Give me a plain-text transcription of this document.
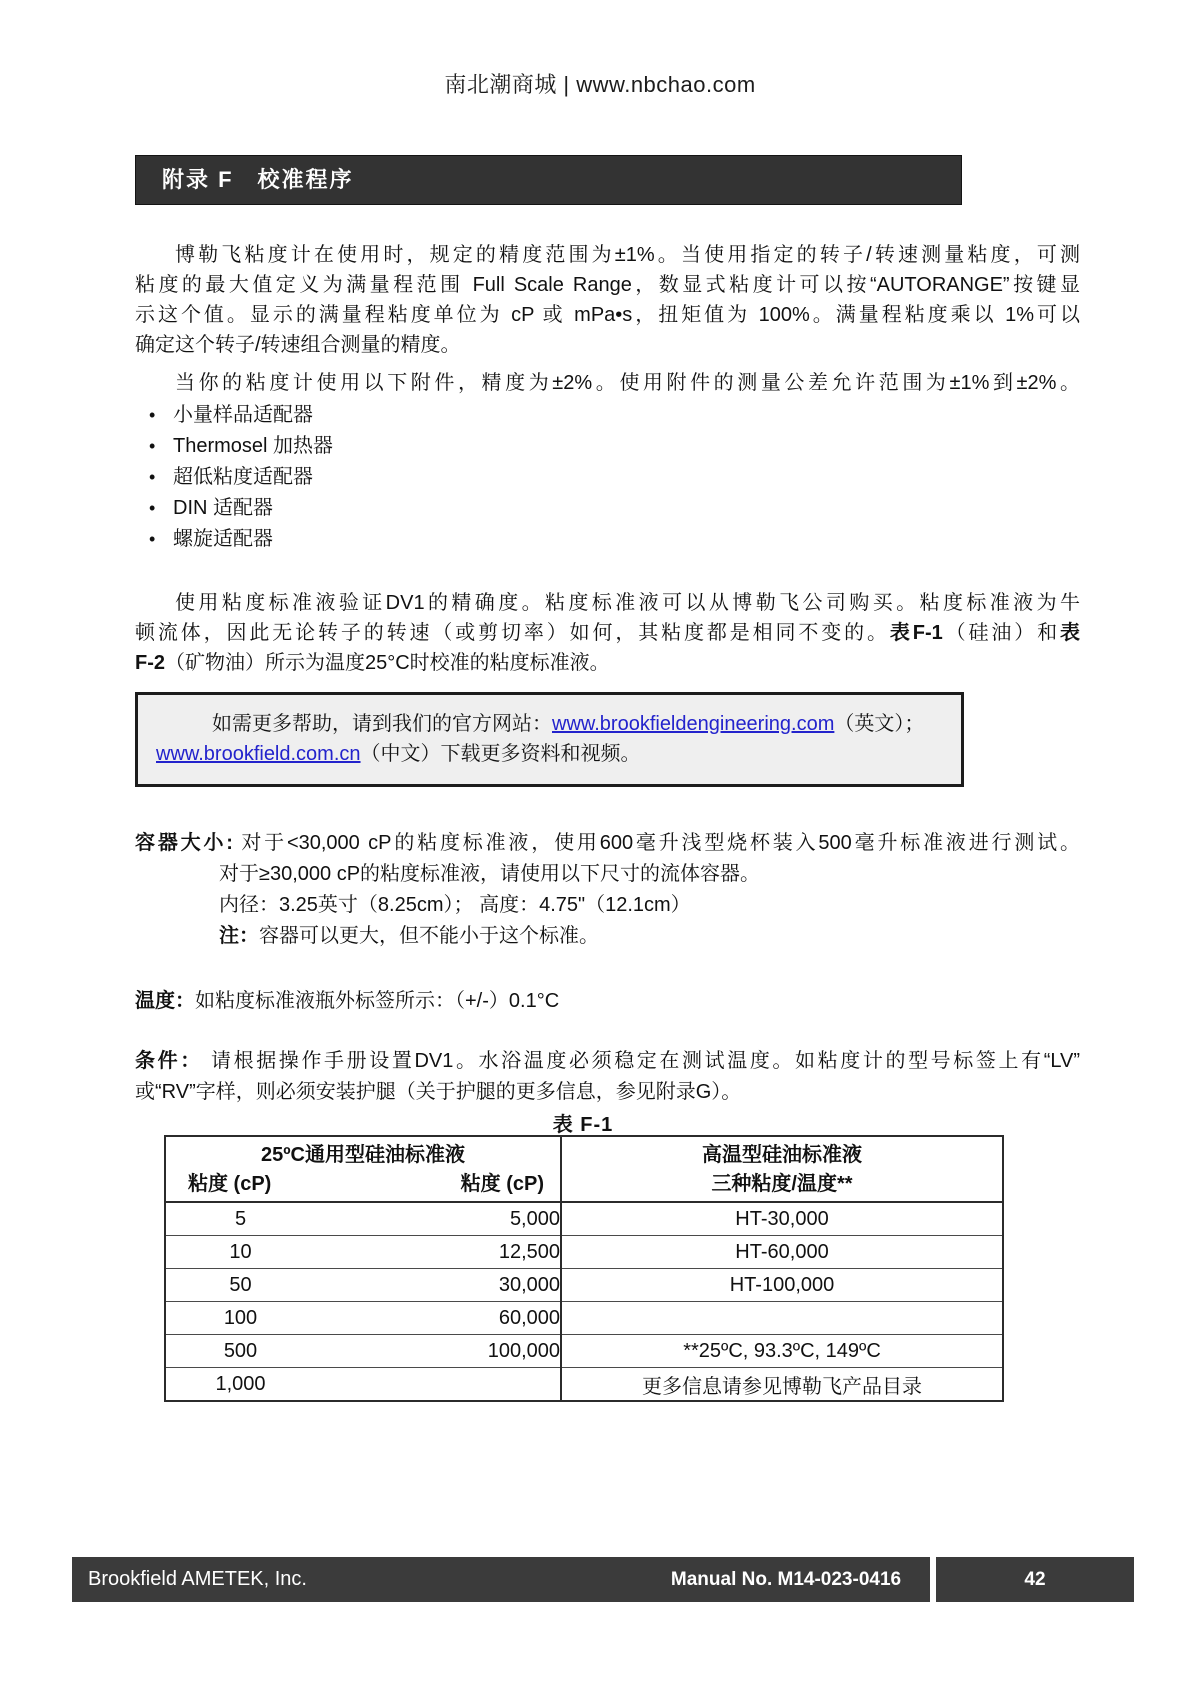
南北潮商城 | www.nbchao.com
附录 F　校准程序
博勒飞粘度计在使用时，规定的精度范围为±1%。当使用指定的转子/转速测量粘度，可测
粘度的最大值定义为满量程范围 Full Scale Range，数显式粘度计可以按“AUTORANGE”按键显
示这个值。显示的满量程粘度单位为 cP 或 mPa•s，扭矩值为 100%。满量程粘度乘以 1%可以
确定这个转子/转速组合测量的精度。
当你的粘度计使用以下附件，精度为±2%。使用附件的测量公差允许范围为±1%到±2%。
• 小量样品适配器
• Thermosel 加热器
• 超低粘度适配器
• DIN 适配器
• 螺旋适配器
使用粘度标准液验证DV1的精确度。粘度标准液可以从博勒飞公司购买。粘度标准液为牛
顿流体，因此无论转子的转速（或剪切率）如何，其粘度都是相同不变的。表F-1（硅油）和表
F-2（矿物油）所示为温度25°C时校准的粘度标准液。
如需更多帮助，请到我们的官方网站：www.brookfieldengineering.com（英文）；
www.brookfield.com.cn（中文）下载更多资料和视频。
容器大小: 对于<30,000 cP的粘度标准液，使用600毫升浅型烧杯装入500毫升标准液进行测试。
对于≥30,000 cP的粘度标准液，请使用以下尺寸的流体容器。
内径：3.25英寸（8.25cm）； 高度：4.75"（12.1cm）
注：容器可以更大，但不能小于这个标准。
温度：如粘度标准液瓶外标签所示：（+/-）0.1°C
条件： 请根据操作手册设置DV1。水浴温度必须稳定在测试温度。如粘度计的型号标签上有“LV”
或“RV”字样，则必须安装护腿（关于护腿的更多信息，参见附录G）。
表 F-1
25ºC通用型硅油标准液
粘度 (cP)	粘度 (cP)

高温型硅油标准液
三种粘度/温度**

5	5,000	HT-30,000
10	12,500	HT-60,000
50	30,000	HT-100,000
100	60,000	
500	100,000	**25ºC, 93.3ºC, 149ºC
1,000		更多信息请参见博勒飞产品目录
Brookfield AMETEK, Inc.	Manual No. M14-023-0416	42
